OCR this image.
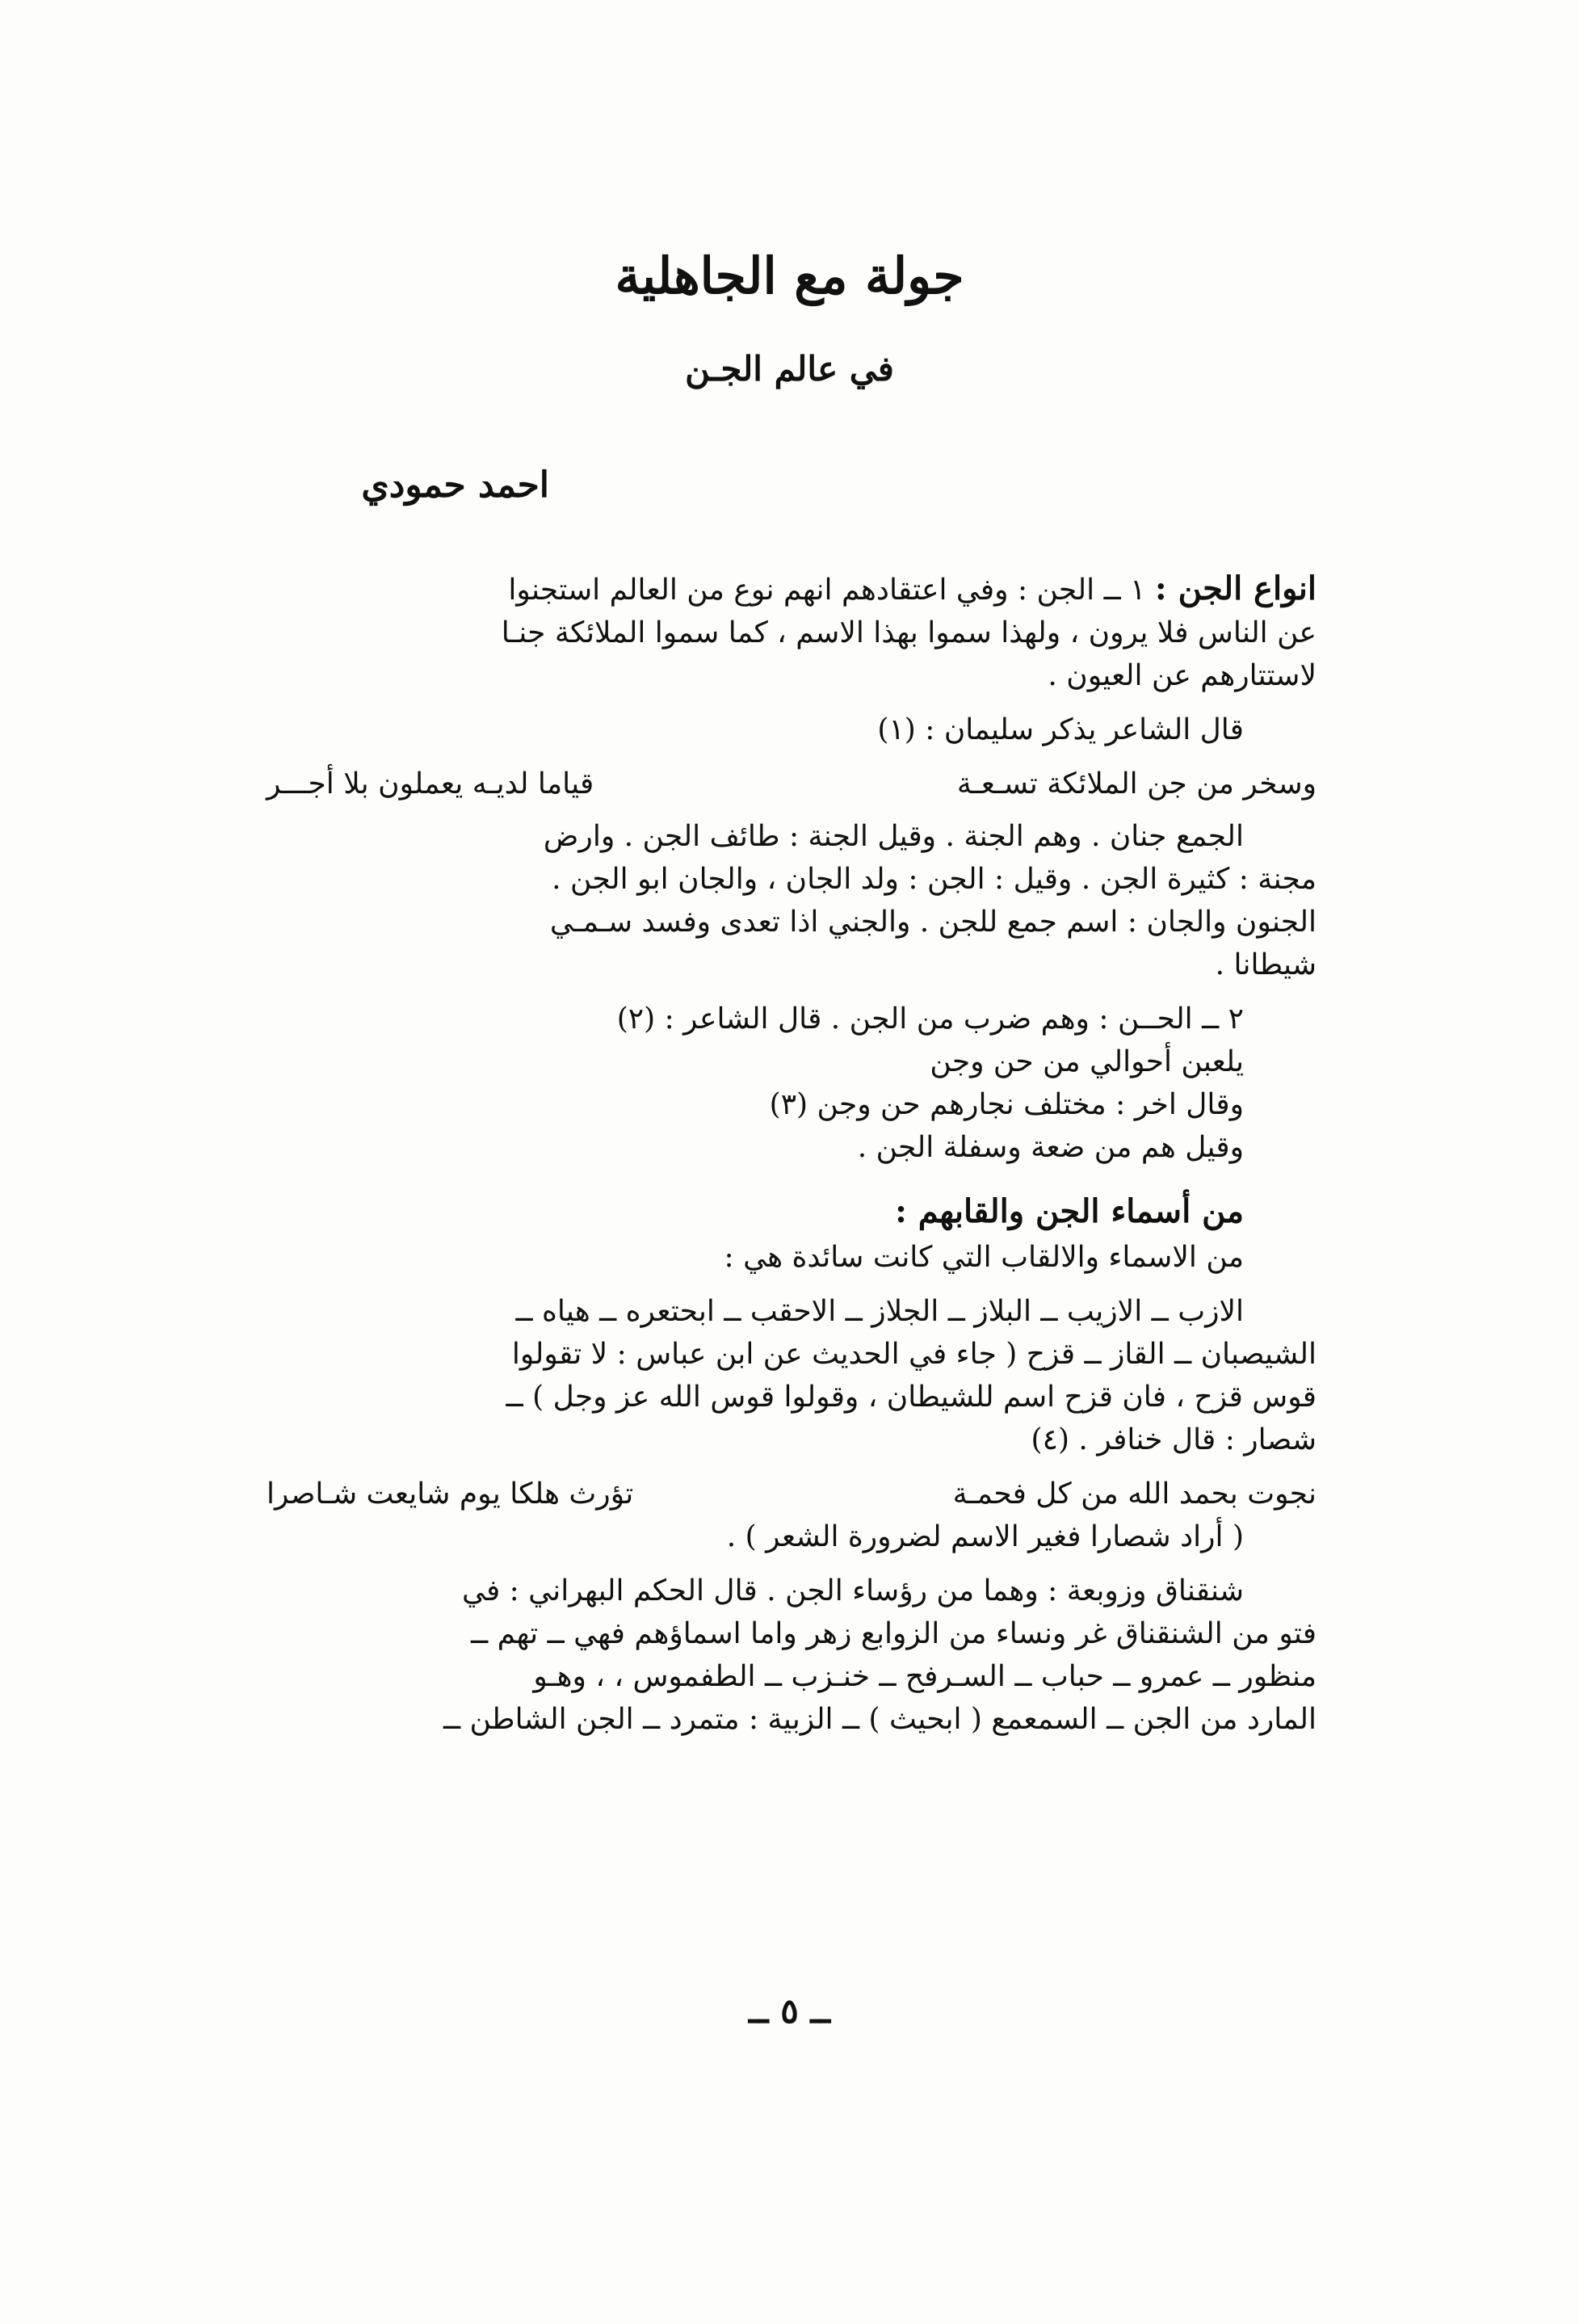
جولة مع الجاهلية
في عالم الجـن
احمد حمودي

انواع الجن : ١ ــ الجن : وفي اعتقادهم انهم نوع من العالم استجنوا
عن الناس فلا يرون ، ولهذا سموا بهذا الاسم ، كما سموا الملائكة جنـا
لاستتارهم عن العيون .

قال الشاعر يذكر سليمان : (١)

وسخر من جن الملائكة تسـعـة
قياما لديـه يعملون بلا أجـــر

الجمع جنان . وهم الجنة . وقيل الجنة : طائف الجن . وارض
مجنة : كثيرة الجن . وقيل : الجن : ولد الجان ، والجان ابو الجن .
الجنون والجان : اسم جمع للجن . والجني اذا تعدى وفسد سـمـي
شيطانا .

٢ ــ الحــن : وهم ضرب من الجن . قال الشاعر : (٢)
يلعبن أحوالي من حن وجن
وقال اخر : مختلف نجارهم حن وجن (٣)
وقيل هم من ضعة وسفلة الجن .

من أسماء الجن والقابهم :

من الاسماء والالقاب التي كانت سائدة هي :

الازب ــ الازيب ــ البلاز ــ الجلاز ــ الاحقب ــ ابحتعره ــ هياه ــ
الشيصبان ــ القاز ــ قزح ( جاء في الحديث عن ابن عباس : لا تقولوا
قوس قزح ، فان قزح اسم للشيطان ، وقولوا قوس الله عز وجل ) ــ
شصار : قال خنافر . (٤)

نجوت بحمد الله من كل فحمـة
تؤرث هلكا يوم شايعت شـاصرا

( أراد شصارا فغير الاسم لضرورة الشعر ) .

شنقناق وزوبعة : وهما من رؤساء الجن . قال الحكم البهراني : في
فتو من الشنقناق غر ونساء من الزوابع زهر واما اسماؤهم فهي ــ تهم ــ
منظور ــ عمرو ــ حباب ــ السـرفح ــ خنـزب ــ الطفموس ، ، وهـو
المارد من الجن ــ السمعمع ( ابحيث ) ــ الزبية : متمرد ــ الجن الشاطن ــ

ــ ٥ ــ
